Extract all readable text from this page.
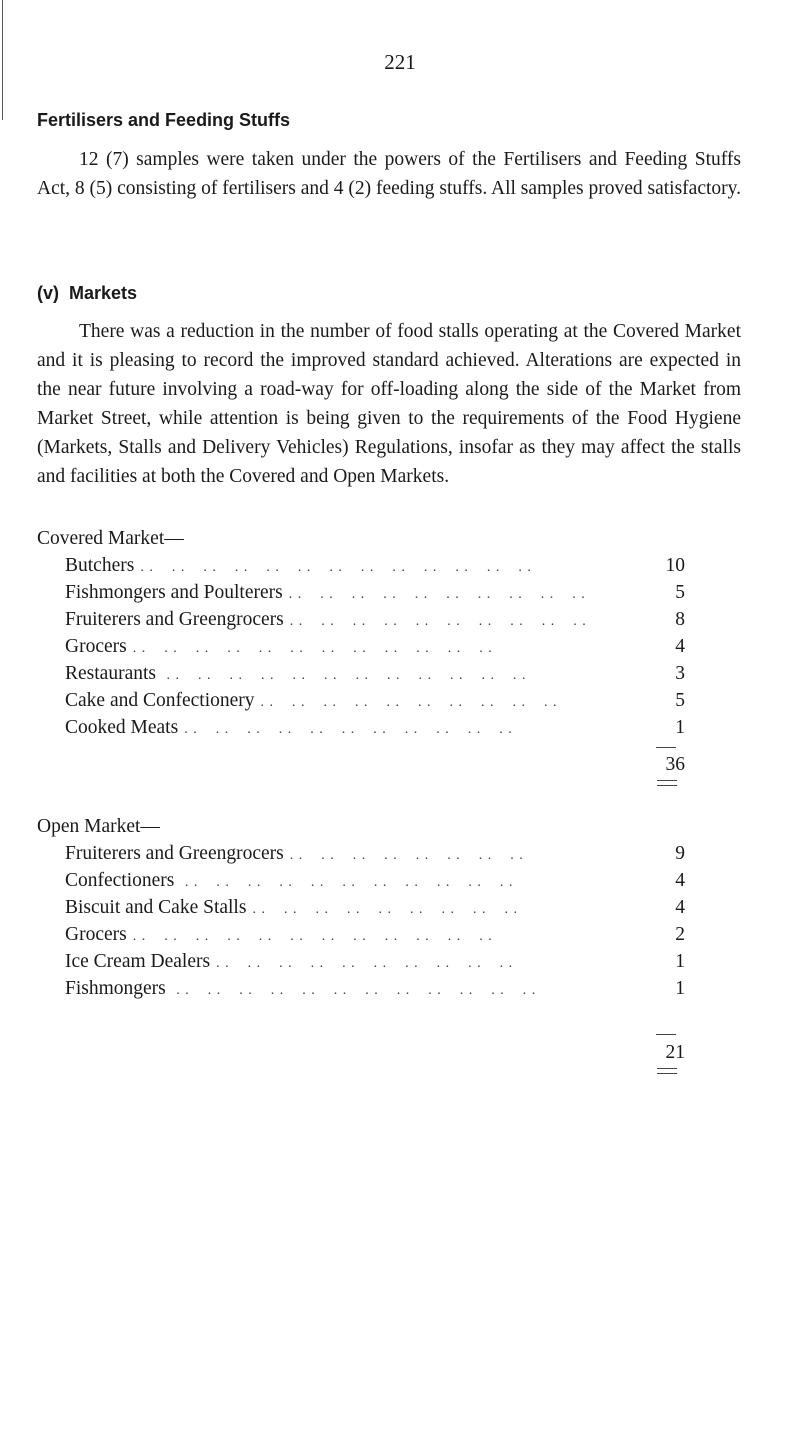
221
Fertilisers and Feeding Stuffs

12 (7) samples were taken under the powers of the Fertilisers and Feeding Stuffs Act, 8 (5) consisting of fertilisers and 4 (2) feeding stuffs. All samples proved satisfactory.

(v) Markets

There was a reduction in the number of food stalls operating at the Covered Market and it is pleasing to record the improved standard achieved. Alterations are expected in the near future involving a road-way for off-loading along the side of the Market from Market Street, while attention is being given to the requirements of the Food Hygiene (Markets, Stalls and Delivery Vehicles) Regulations, insofar as they may affect the stalls and facilities at both the Covered and Open Markets.

Covered Market—
Butchers . .    . .    . .    . .    . .    . .    . .    . .    . .    . .    . .    . .    . .	10
Fishmongers and Poulterers . .    . .    . .    . .    . .    . .    . .    . .    . .    . .	5
Fruiterers and Greengrocers . .    . .    . .    . .    . .    . .    . .    . .    . .    . .	8
Grocers . .    . .    . .    . .    . .    . .    . .    . .    . .    . .    . .    . .	4
Restaurants . .    . .    . .    . .    . .    . .    . .    . .    . .    . .    . .    . .	3
Cake and Confectionery . .    . .    . .    . .    . .    . .    . .    . .    . .    . .	5
Cooked Meats . .    . .    . .    . .    . .    . .    . .    . .    . .    . .    . .	1
36
Open Market—
Fruiterers and Greengrocers . .    . .    . .    . .    . .    . .    . .    . .	9
Confectioners . .    . .    . .    . .    . .    . .    . .    . .    . .    . .    . .	4
Biscuit and Cake Stalls . .    . .    . .    . .    . .    . .    . .    . .    . .	4
Grocers . .    . .    . .    . .    . .    . .    . .    . .    . .    . .    . .    . .	2
Ice Cream Dealers . .    . .    . .    . .    . .    . .    . .    . .    . .    . .	1
Fishmongers . .    . .    . .    . .    . .    . .    . .    . .    . .    . .    . .    . .	1
21
